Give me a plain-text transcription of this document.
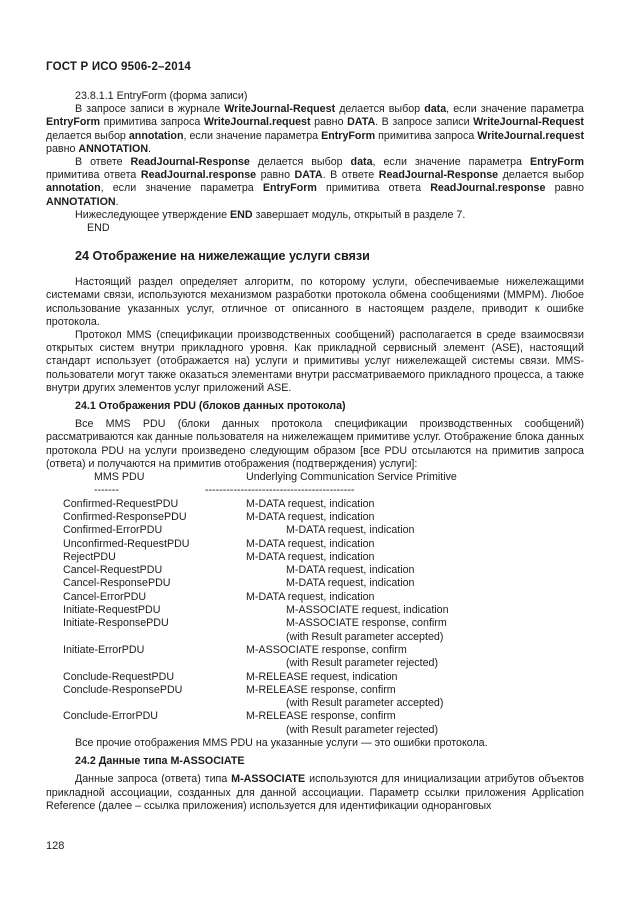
ГОСТ Р ИСО 9506-2–2014

23.8.1.1 EntryForm (форма записи)

В запросе записи в журнале WriteJournal-Request делается выбор data, если значение параметра EntryForm примитива запроса WriteJournal.request равно DATA. В запросе записи WriteJournal-Request делается выбор annotation, если значение параметра EntryForm примитива запроса WriteJournal.request равно ANNOTATION.

В ответе ReadJournal-Response делается выбор data, если значение параметра EntryForm примитива ответа ReadJournal.response равно DATA. В ответе ReadJournal-Response делается выбор annotation, если значение параметра EntryForm примитива ответа ReadJournal.response равно ANNOTATION.

Нижеследующее утверждение END завершает модуль, открытый в разделе 7.

END

24 Отображение на нижележащие услуги связи

Настоящий раздел определяет алгоритм, по которому услуги, обеспечиваемые нижележащими системами связи, используются механизмом разработки протокола обмена сообщениями (MMPM). Любое использование указанных услуг, отличное от описанного в настоящем разделе, приводит к ошибке протокола.

Протокол MMS (спецификации производственных сообщений) располагается в среде взаимосвязи открытых систем внутри прикладного уровня. Как прикладной сервисный элемент (ASE), настоящий стандарт использует (отображается на) услуги и примитивы услуг нижележащей системы связи. MMS-пользователи могут также оказаться элементами внутри рассматриваемого прикладного процесса, а также внутри других элементов услуг приложений ASE.

24.1 Отображения PDU (блоков данных протокола)

Все MMS PDU (блоки данных протокола спецификации производственных сообщений) рассматриваются как данные пользователя на нижележащем примитиве услуг. Отображение блока данных протокола PDU на услуги произведено следующим образом [все PDU отсылаются на примитив запроса (ответа) и получаются на примитив отображения (подтверждения) услуги]:

MMS PDU	Underlying Communication Service Primitive
-------	------------------------------------------
Confirmed-RequestPDU	M-DATA request, indication
Confirmed-ResponsePDU	M-DATA request, indication
Confirmed-ErrorPDU	M-DATA request, indication
Unconfirmed-RequestPDU	M-DATA request, indication
RejectPDU	M-DATA request, indication
Cancel-RequestPDU	M-DATA request, indication
Cancel-ResponsePDU	M-DATA request, indication
Cancel-ErrorPDU	M-DATA request, indication
Initiate-RequestPDU	M-ASSOCIATE request, indication
Initiate-ResponsePDU	M-ASSOCIATE response, confirm
(with Result parameter accepted)
Initiate-ErrorPDU	M-ASSOCIATE response, confirm
(with Result parameter rejected)
Conclude-RequestPDU	M-RELEASE request, indication
Conclude-ResponsePDU	M-RELEASE response, confirm
(with Result parameter accepted)
Conclude-ErrorPDU	M-RELEASE response, confirm
(with Result parameter rejected)

Все прочие отображения MMS PDU на указанные услуги — это ошибки протокола.

24.2 Данные типа M-ASSOCIATE

Данные запроса (ответа) типа M-ASSOCIATE используются для инициализации атрибутов объектов прикладной ассоциации, созданных для данной ассоциации. Параметр ссылки приложения Application Reference (далее – ссылка приложения) используется для идентификации одноранговых

128
